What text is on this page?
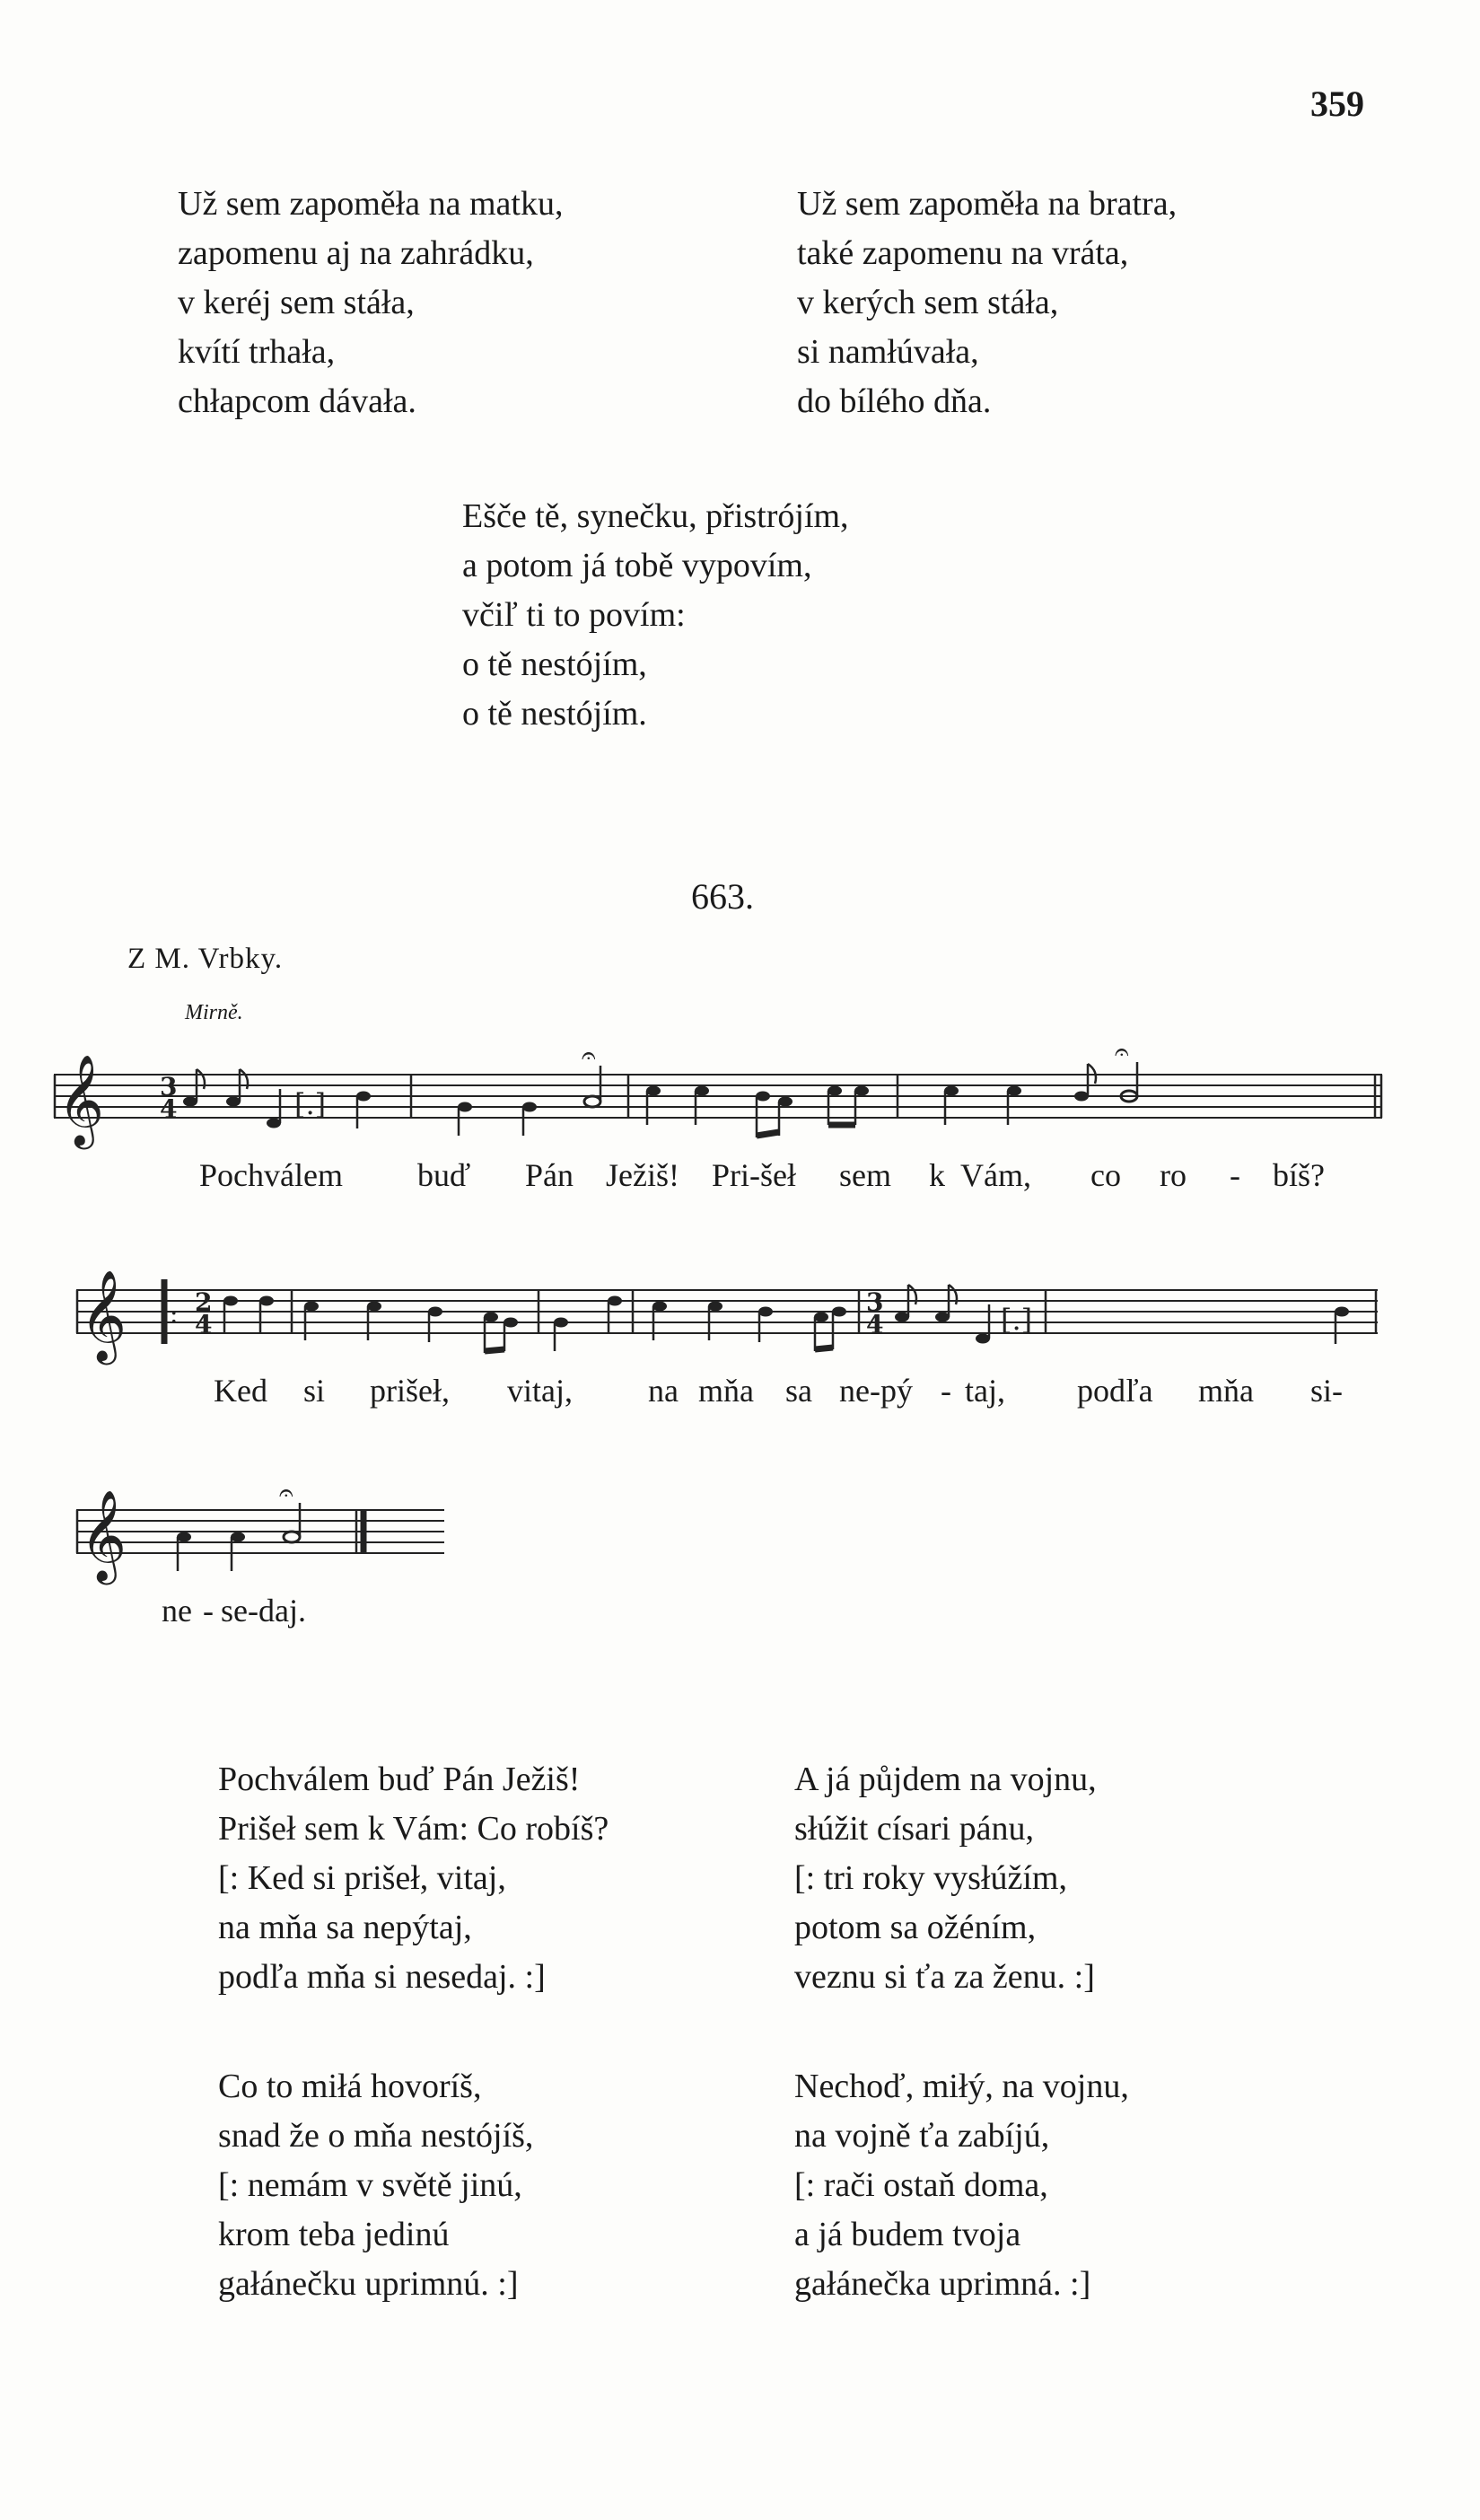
359
Už sem zapoměła na matku,
zapomenu aj na zahrádku,
v keréj sem stáła,
kvítí trhała,
chłapcom dávała.
Už sem zapoměła na bratra,
také zapomenu na vráta,
v kerých sem stáła,
si namłúvała,
do bílého dňa.
Ešče tě, synečku, přistrójím,
a potom já tobě vypovím,
včiľ ti to povím:
o tě nestójím,
o tě nestójím.
663.
Z M. Vrbky.
Mirně.
𝄞 3
4	[.]
𝄐	𝄐
Pochválem buď Pán Ježiš! Pri-šeł sem k Vám, co ro - bíš?
𝄞 : 2
4
3
4	[.]
Ked si prišeł, vitaj, na mňa sa ne-pý - taj, podľa mňa si-
𝄞	𝄐
ne - se-daj.
Pochválem buď Pán Ježiš!
Prišeł sem k Vám: Co robíš?
[: Ked si prišeł, vitaj,
na mňa sa nepýtaj,
podľa mňa si nesedaj. :]
A já půjdem na vojnu,
słúžit císari pánu,
[: tri roky vysłúžím,
potom sa ožéním,
veznu si ťa za ženu. :]
Co to miłá hovoríš,
snad že o mňa nestójíš,
[: nemám v světě jinú,
krom teba jedinú
gałánečku uprimnú. :]
Nechoď, miłý, na vojnu,
na vojně ťa zabíjú,
[: rači ostaň doma,
a já budem tvoja
gałánečka uprimná. :]
